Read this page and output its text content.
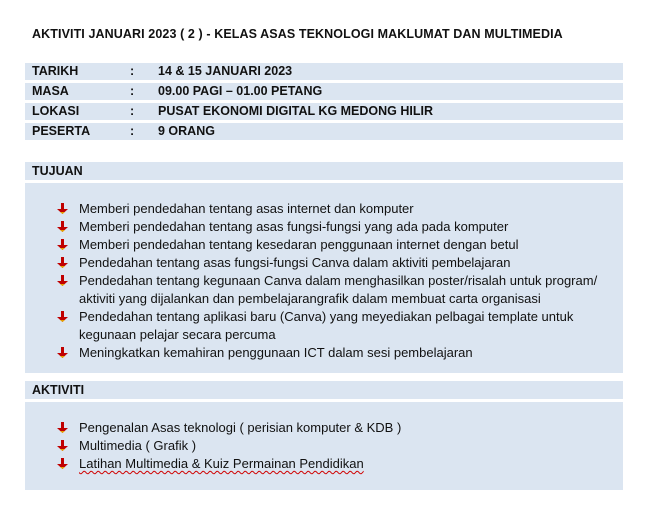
AKTIVITI JANUARI 2023 ( 2 ) - KELAS ASAS TEKNOLOGI MAKLUMAT DAN MULTIMEDIA
TARIKH	: 14 & 15 JANUARI 2023
MASA	: 09.00 PAGI – 01.00 PETANG
LOKASI	: PUSAT EKONOMI DIGITAL KG MEDONG HILIR
PESERTA	: 9 ORANG
TUJUAN
Memberi pendedahan tentang asas internet dan komputer
Memberi pendedahan tentang asas fungsi-fungsi yang ada pada komputer
Memberi pendedahan tentang kesedaran penggunaan internet dengan betul
Pendedahan tentang asas fungsi-fungsi Canva dalam aktiviti pembelajaran
Pendedahan tentang kegunaan Canva dalam menghasilkan poster/risalah untuk program/ aktiviti yang dijalankan dan pembelajarangrafik dalam membuat carta organisasi
Pendedahan tentang aplikasi baru (Canva) yang meyediakan pelbagai template untuk kegunaan pelajar secara percuma
Meningkatkan kemahiran penggunaan ICT dalam sesi pembelajaran
AKTIVITI
Pengenalan Asas teknologi ( perisian komputer & KDB )
Multimedia ( Grafik )
Latihan Multimedia & Kuiz Permainan Pendidikan
